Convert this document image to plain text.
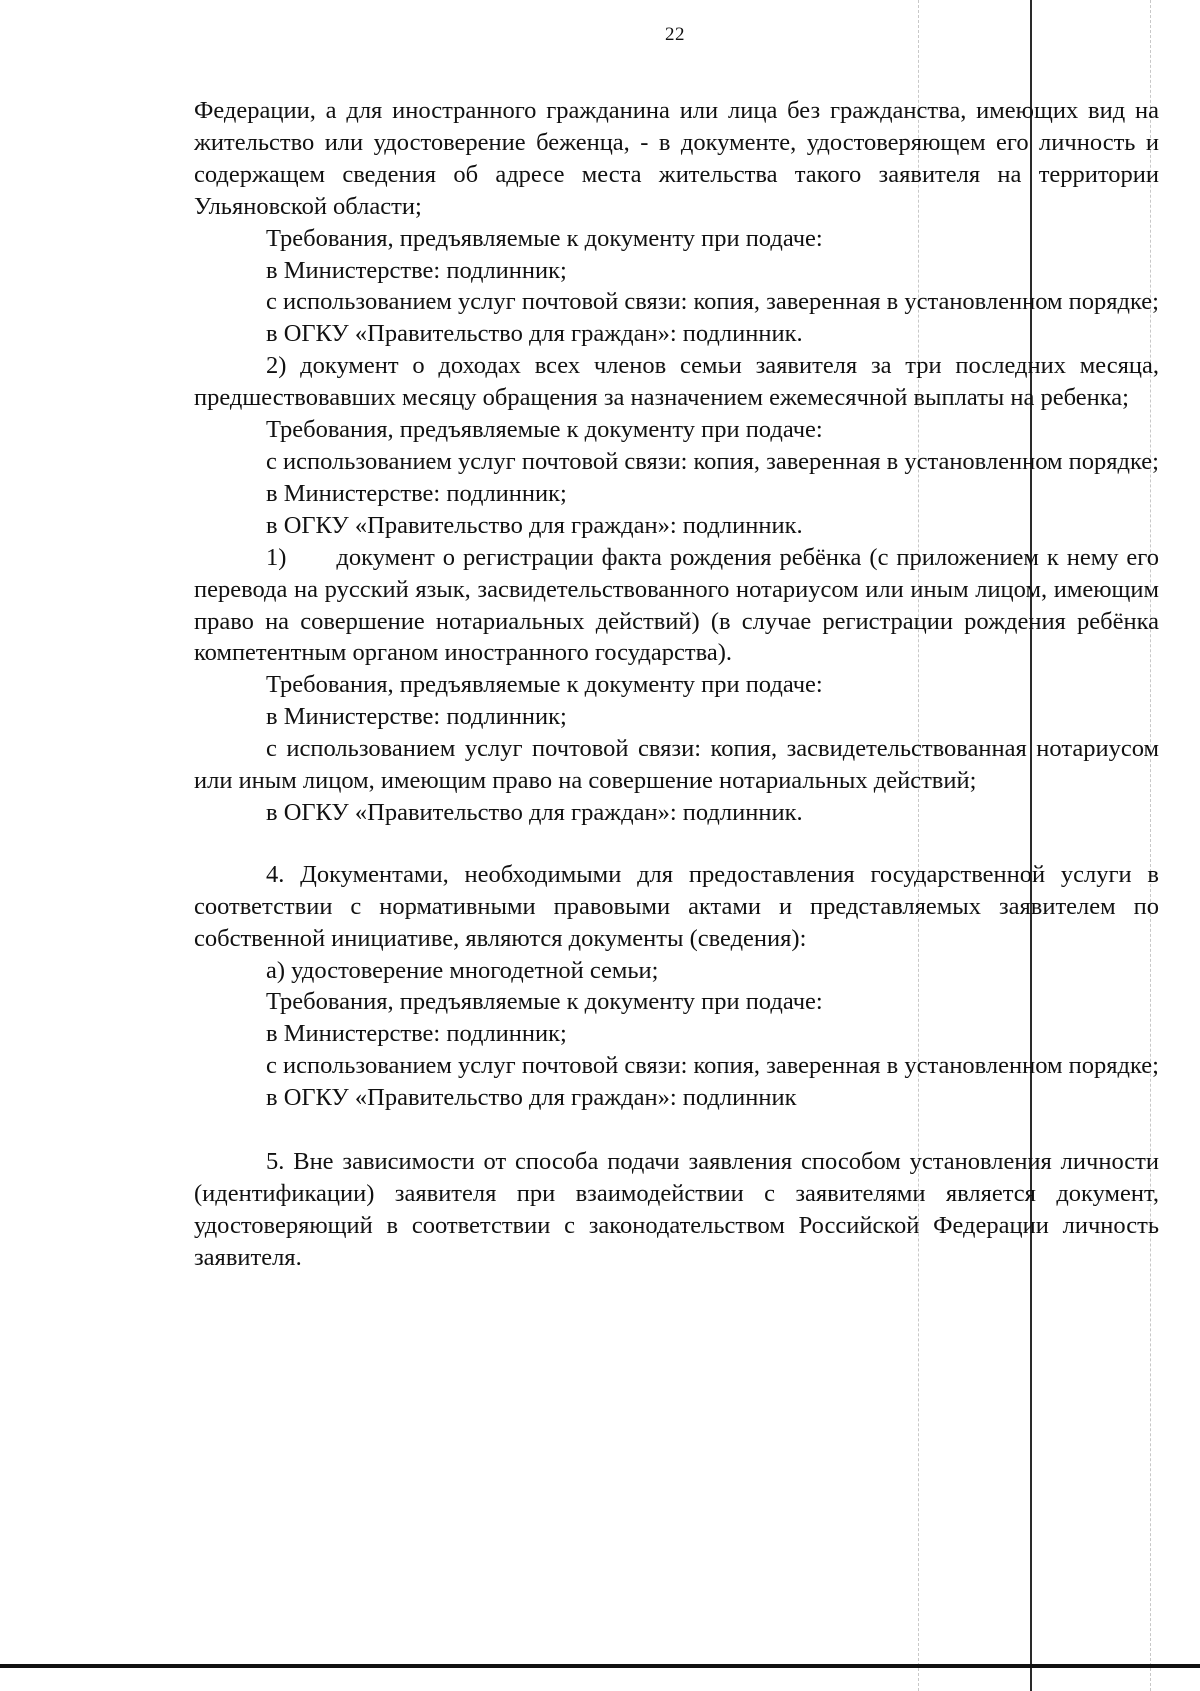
22

Федерации, а для иностранного гражданина или лица без гражданства, имеющих вид на жительство или удостоверение беженца, - в документе, удостоверяющем его личность и содержащем сведения об адресе места жительства такого заявителя на территории Ульяновской области;

Требования, предъявляемые к документу при подаче:

в Министерстве: подлинник;

с использованием услуг почтовой связи: копия, заверенная в установленном порядке;

в ОГКУ «Правительство для граждан»: подлинник.

2) документ о доходах всех членов семьи заявителя за три последних месяца, предшествовавших месяцу обращения за назначением ежемесячной выплаты на ребенка;

Требования, предъявляемые к документу при подаче:

с использованием услуг почтовой связи: копия, заверенная в установленном порядке;

в Министерстве: подлинник;

в ОГКУ «Правительство для граждан»: подлинник.

1) документ о регистрации факта рождения ребёнка (с приложением к нему его перевода на русский язык, засвидетельствованного нотариусом или иным лицом, имеющим право на совершение нотариальных действий) (в случае регистрации рождения ребёнка компетентным органом иностранного государства).

Требования, предъявляемые к документу при подаче:

в Министерстве: подлинник;

с использованием услуг почтовой связи: копия, засвидетельствованная нотариусом или иным лицом, имеющим право на совершение нотариальных действий;

в ОГКУ «Правительство для граждан»: подлинник.

4. Документами, необходимыми для предоставления государственной услуги в соответствии с нормативными правовыми актами и представляемых заявителем по собственной инициативе, являются документы (сведения):

а) удостоверение многодетной семьи;

Требования, предъявляемые к документу при подаче:

в Министерстве: подлинник;

с использованием услуг почтовой связи: копия, заверенная в установленном порядке;

в ОГКУ «Правительство для граждан»: подлинник

5. Вне зависимости от способа подачи заявления способом установления личности (идентификации) заявителя при взаимодействии с заявителями является документ, удостоверяющий в соответствии с законодательством Российской Федерации личность заявителя.
